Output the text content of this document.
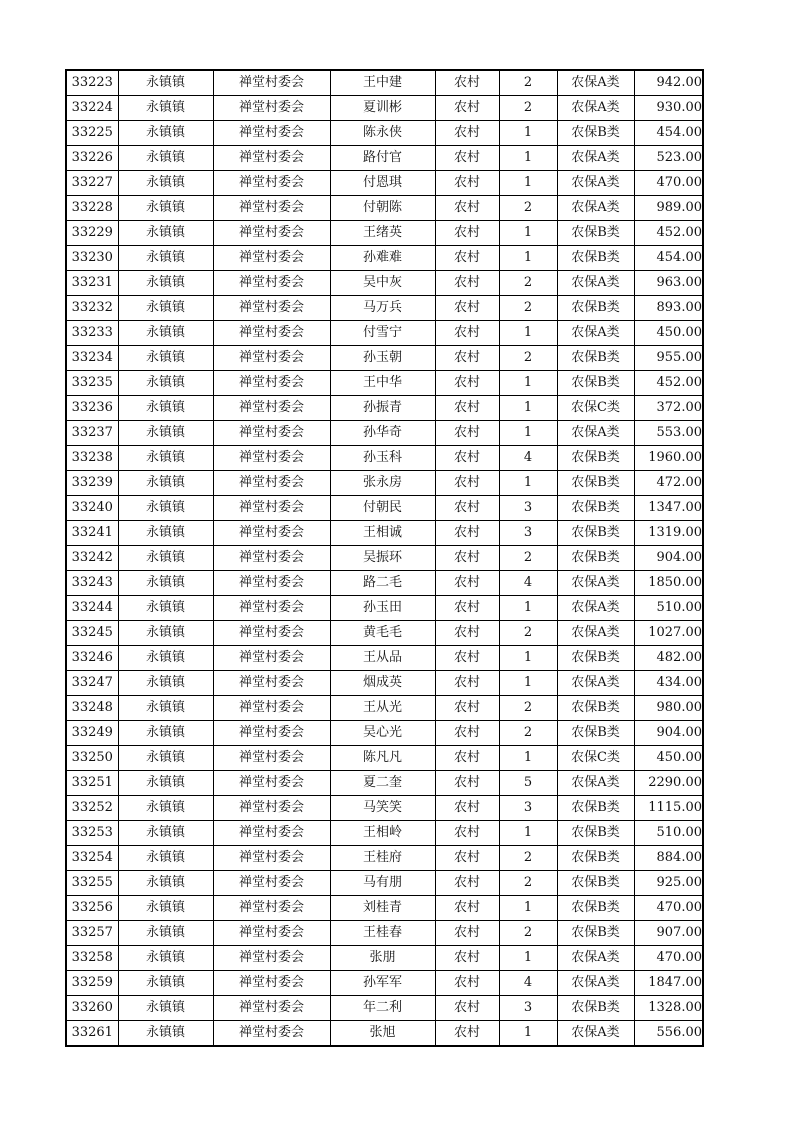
33223	永镇镇	禅堂村委会	王中建	农村	2	农保A类	942.00
33224	永镇镇	禅堂村委会	夏训彬	农村	2	农保A类	930.00
33225	永镇镇	禅堂村委会	陈永侠	农村	1	农保B类	454.00
33226	永镇镇	禅堂村委会	路付官	农村	1	农保A类	523.00
33227	永镇镇	禅堂村委会	付恩琪	农村	1	农保A类	470.00
33228	永镇镇	禅堂村委会	付朝陈	农村	2	农保A类	989.00
33229	永镇镇	禅堂村委会	王绪英	农村	1	农保B类	452.00
33230	永镇镇	禅堂村委会	孙难难	农村	1	农保B类	454.00
33231	永镇镇	禅堂村委会	吴中灰	农村	2	农保A类	963.00
33232	永镇镇	禅堂村委会	马万兵	农村	2	农保B类	893.00
33233	永镇镇	禅堂村委会	付雪宁	农村	1	农保A类	450.00
33234	永镇镇	禅堂村委会	孙玉朝	农村	2	农保B类	955.00
33235	永镇镇	禅堂村委会	王中华	农村	1	农保B类	452.00
33236	永镇镇	禅堂村委会	孙振青	农村	1	农保C类	372.00
33237	永镇镇	禅堂村委会	孙华奇	农村	1	农保A类	553.00
33238	永镇镇	禅堂村委会	孙玉科	农村	4	农保B类	1960.00
33239	永镇镇	禅堂村委会	张永房	农村	1	农保B类	472.00
33240	永镇镇	禅堂村委会	付朝民	农村	3	农保B类	1347.00
33241	永镇镇	禅堂村委会	王相诚	农村	3	农保B类	1319.00
33242	永镇镇	禅堂村委会	吴振环	农村	2	农保B类	904.00
33243	永镇镇	禅堂村委会	路二毛	农村	4	农保A类	1850.00
33244	永镇镇	禅堂村委会	孙玉田	农村	1	农保A类	510.00
33245	永镇镇	禅堂村委会	黄毛毛	农村	2	农保A类	1027.00
33246	永镇镇	禅堂村委会	王从品	农村	1	农保B类	482.00
33247	永镇镇	禅堂村委会	烟成英	农村	1	农保A类	434.00
33248	永镇镇	禅堂村委会	王从光	农村	2	农保B类	980.00
33249	永镇镇	禅堂村委会	吴心光	农村	2	农保B类	904.00
33250	永镇镇	禅堂村委会	陈凡凡	农村	1	农保C类	450.00
33251	永镇镇	禅堂村委会	夏二奎	农村	5	农保A类	2290.00
33252	永镇镇	禅堂村委会	马笑笑	农村	3	农保B类	1115.00
33253	永镇镇	禅堂村委会	王相岭	农村	1	农保B类	510.00
33254	永镇镇	禅堂村委会	王桂府	农村	2	农保B类	884.00
33255	永镇镇	禅堂村委会	马有朋	农村	2	农保B类	925.00
33256	永镇镇	禅堂村委会	刘桂青	农村	1	农保B类	470.00
33257	永镇镇	禅堂村委会	王桂春	农村	2	农保B类	907.00
33258	永镇镇	禅堂村委会	张朋	农村	1	农保A类	470.00
33259	永镇镇	禅堂村委会	孙军军	农村	4	农保A类	1847.00
33260	永镇镇	禅堂村委会	年二利	农村	3	农保B类	1328.00
33261	永镇镇	禅堂村委会	张旭	农村	1	农保A类	556.00
